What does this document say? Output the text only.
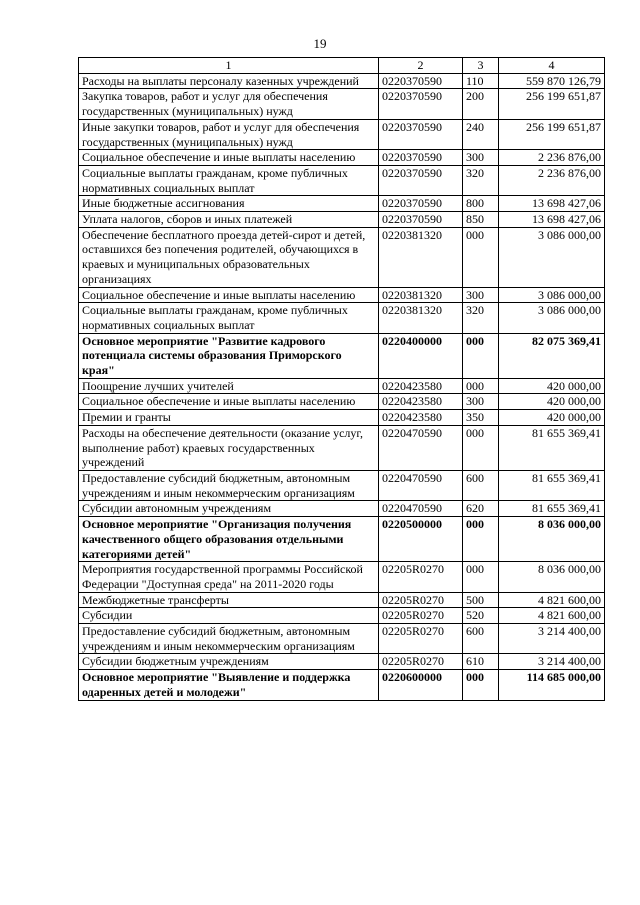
19
1	2	3	4
Расходы на выплаты персоналу казенных учреждений	0220370590	110	559 870 126,79
Закупка товаров, работ и услуг для обеспечения государственных (муниципальных) нужд	0220370590	200	256 199 651,87
Иные закупки товаров, работ и услуг для обеспечения государственных (муниципальных) нужд	0220370590	240	256 199 651,87
Социальное обеспечение и иные выплаты населению	0220370590	300	2 236 876,00
Социальные выплаты гражданам, кроме публичных нормативных социальных выплат	0220370590	320	2 236 876,00
Иные бюджетные ассигнования	0220370590	800	13 698 427,06
Уплата налогов, сборов и иных платежей	0220370590	850	13 698 427,06
Обеспечение бесплатного проезда детей-сирот и детей, оставшихся без попечения родителей, обучающихся в краевых и муниципальных образовательных организациях	0220381320	000	3 086 000,00
Социальное обеспечение и иные выплаты населению	0220381320	300	3 086 000,00
Социальные выплаты гражданам, кроме публичных нормативных социальных выплат	0220381320	320	3 086 000,00
Основное мероприятие "Развитие кадрового потенциала системы образования Приморского края"	0220400000	000	82 075 369,41
Поощрение лучших учителей	0220423580	000	420 000,00
Социальное обеспечение и иные выплаты населению	0220423580	300	420 000,00
Премии и гранты	0220423580	350	420 000,00
Расходы на обеспечение деятельности (оказание услуг, выполнение работ) краевых государственных учреждений	0220470590	000	81 655 369,41
Предоставление субсидий бюджетным, автономным учреждениям и иным некоммерческим организациям	0220470590	600	81 655 369,41
Субсидии автономным учреждениям	0220470590	620	81 655 369,41
Основное мероприятие "Организация получения качественного общего образования отдельными категориями детей"	0220500000	000	8 036 000,00
Мероприятия государственной программы Российской Федерации "Доступная среда" на 2011-2020 годы	02205R0270	000	8 036 000,00
Межбюджетные трансферты	02205R0270	500	4 821 600,00
Субсидии	02205R0270	520	4 821 600,00
Предоставление субсидий бюджетным, автономным учреждениям и иным некоммерческим организациям	02205R0270	600	3 214 400,00
Субсидии бюджетным учреждениям	02205R0270	610	3 214 400,00
Основное мероприятие "Выявление и поддержка одаренных детей и молодежи"	0220600000	000	114 685 000,00
